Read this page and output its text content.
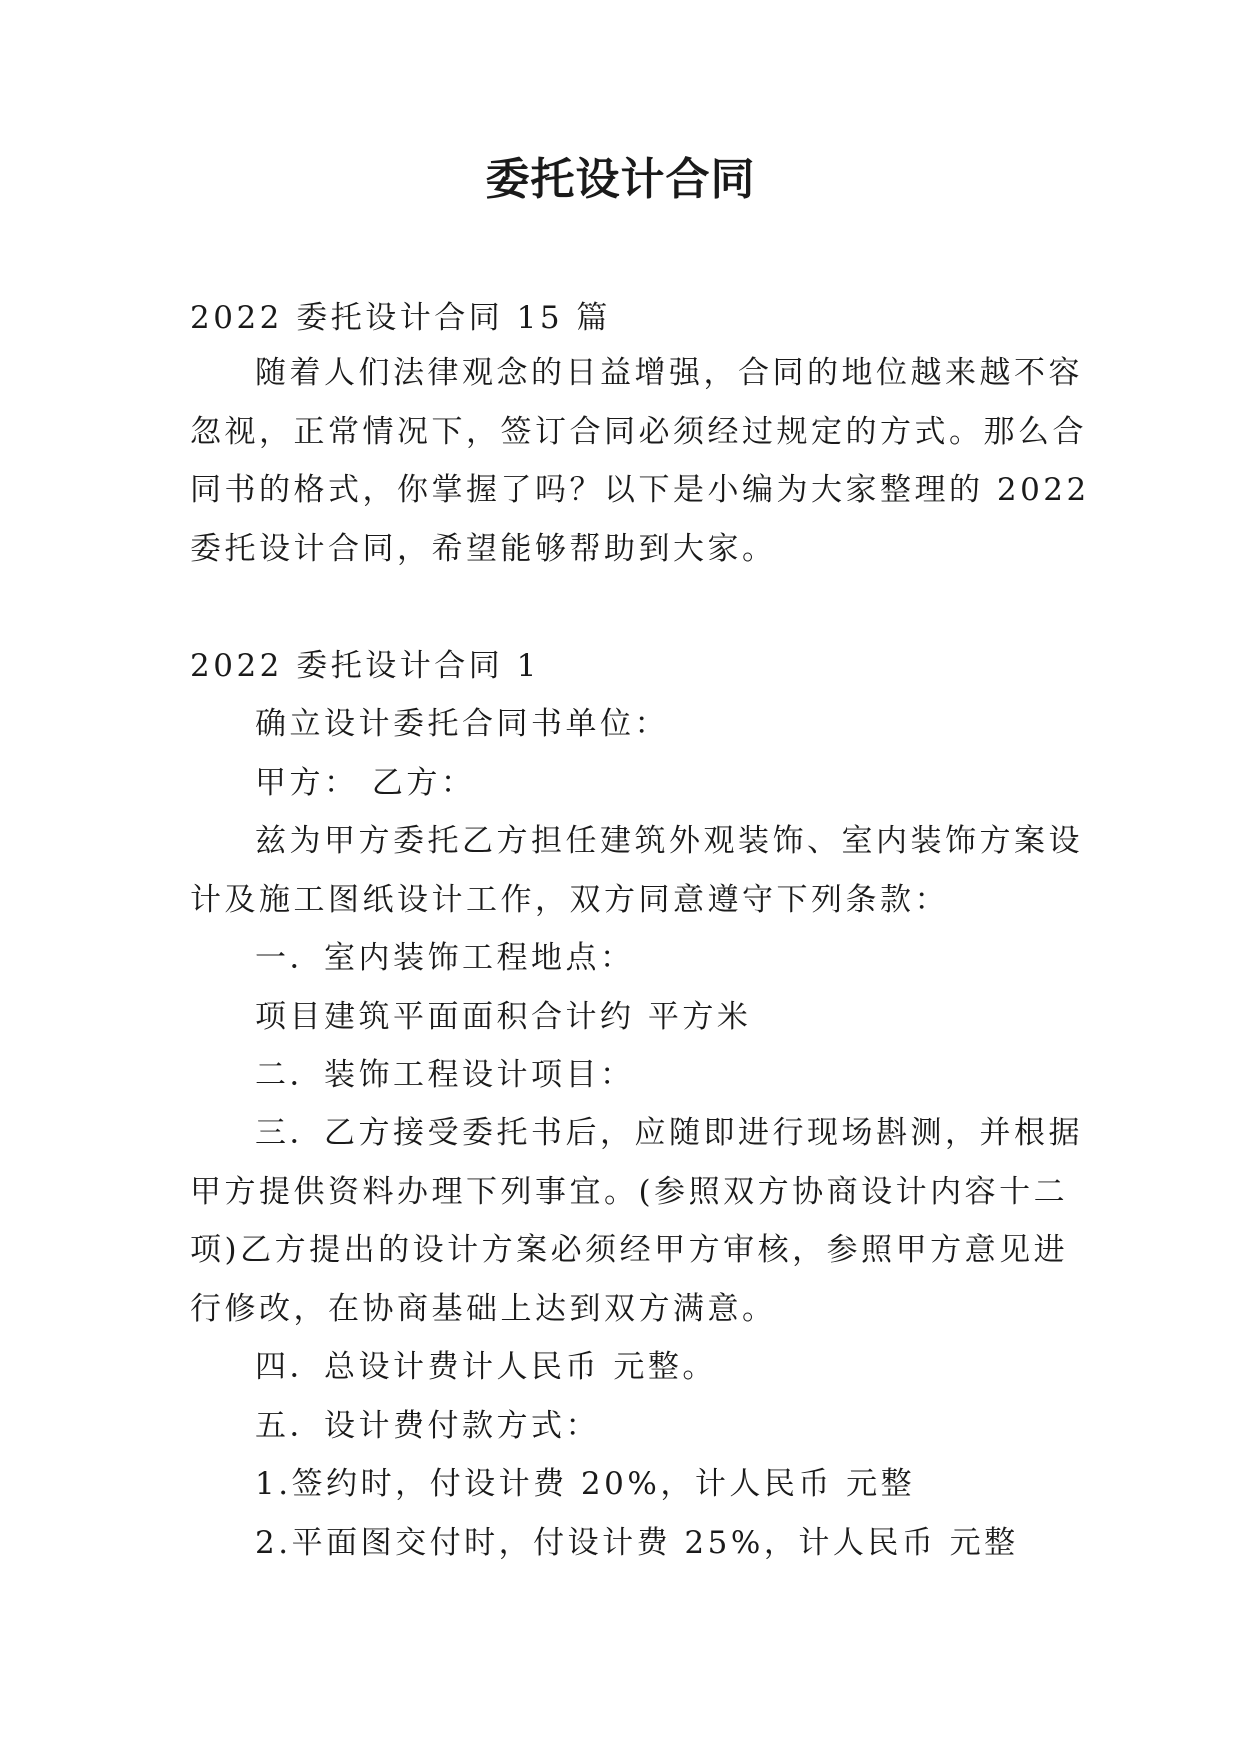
委托设计合同
2022 委托设计合同 15 篇
随着人们法律观念的日益增强，合同的地位越来越不容
忽视，正常情况下，签订合同必须经过规定的方式。那么合
同书的格式，你掌握了吗？以下是小编为大家整理的 2022
委托设计合同，希望能够帮助到大家。
2022 委托设计合同 1
确立设计委托合同书单位：
甲方： 乙方：
兹为甲方委托乙方担任建筑外观装饰、室内装饰方案设
计及施工图纸设计工作，双方同意遵守下列条款：
一．室内装饰工程地点：
项目建筑平面面积合计约 平方米
二．装饰工程设计项目：
三．乙方接受委托书后，应随即进行现场斟测，并根据
甲方提供资料办理下列事宜。(参照双方协商设计内容十二
项)乙方提出的设计方案必须经甲方审核，参照甲方意见进
行修改，在协商基础上达到双方满意。
四．总设计费计人民币 元整。
五．设计费付款方式：
1.签约时，付设计费 20%，计人民币 元整
2.平面图交付时，付设计费 25%，计人民币 元整
